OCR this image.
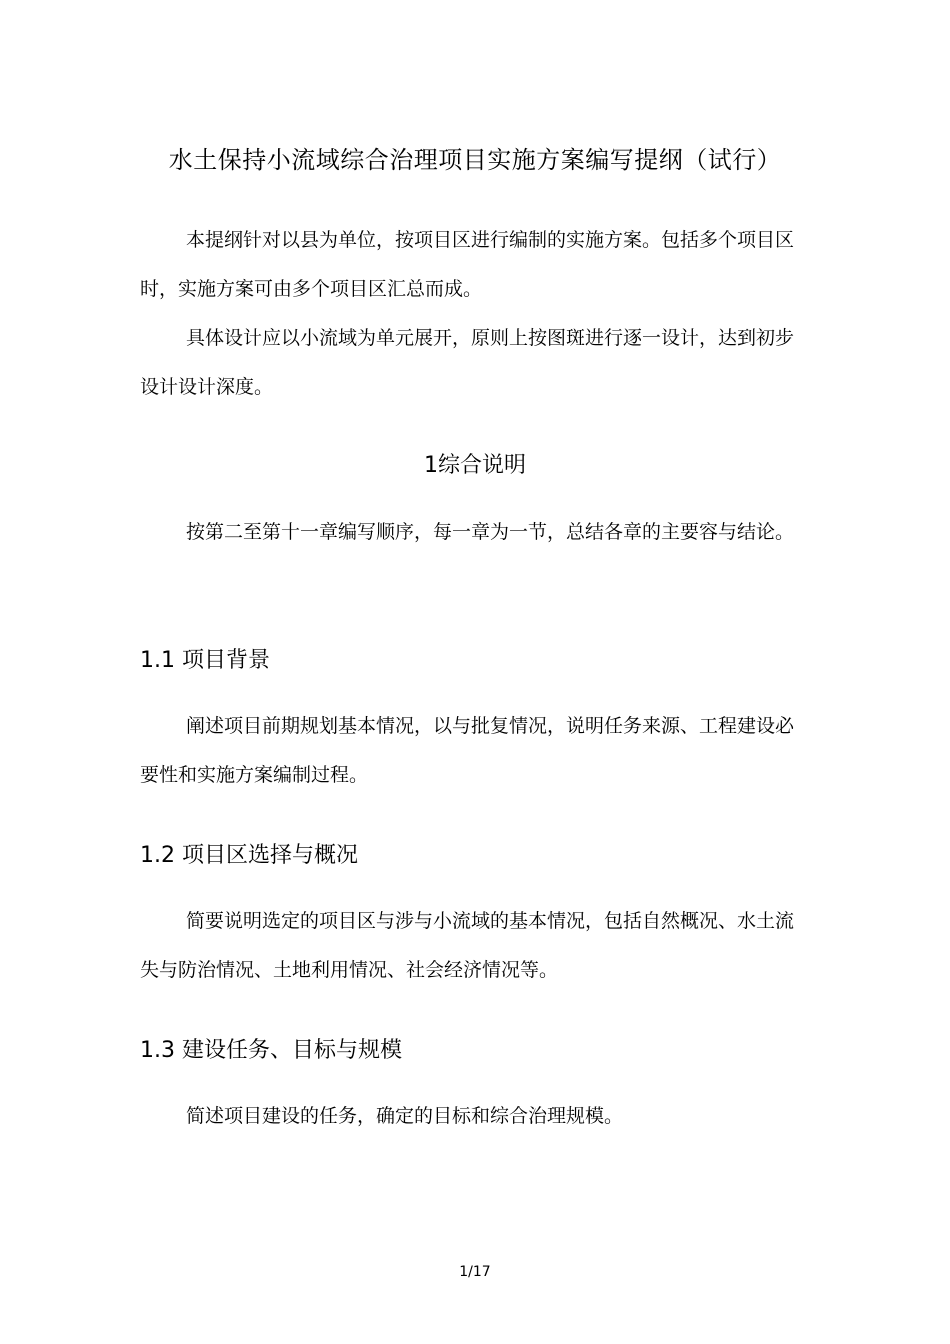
水土保持小流域综合治理项目实施方案编写提纲（试行）

本提纲针对以县为单位，按项目区进行编制的实施方案。包括多个项目区时，实施方案可由多个项目区汇总而成。

具体设计应以小流域为单元展开，原则上按图斑进行逐一设计，达到初步设计设计深度。

1综合说明

按第二至第十一章编写顺序，每一章为一节，总结各章的主要容与结论。

1.1 项目背景

阐述项目前期规划基本情况，以与批复情况，说明任务来源、工程建设必要性和实施方案编制过程。

1.2 项目区选择与概况

简要说明选定的项目区与涉与小流域的基本情况，包括自然概况、水土流失与防治情况、土地利用情况、社会经济情况等。

1.3 建设任务、目标与规模

简述项目建设的任务，确定的目标和综合治理规模。

1/17
